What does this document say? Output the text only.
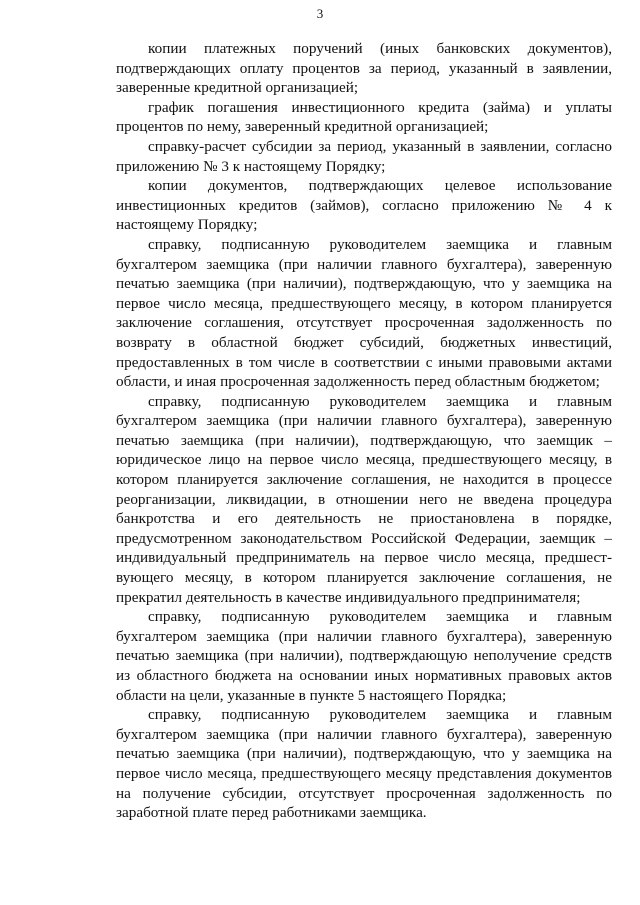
3

копии платежных поручений (иных банковских документов), подтверждающих оплату процентов за период, указанный в заявлении, заверенные кредитной организацией;

график погашения инвестиционного кредита (займа) и уплаты процентов по нему, заверенный кредитной организацией;

справку-расчет субсидии за период, указанный в заявлении, согласно приложению № 3 к настоящему Порядку;

копии документов, подтверждающих целевое использование инвестиционных кредитов (займов), согласно приложению № 4 к настоящему Порядку;

справку, подписанную руководителем заемщика и главным бухгалтером заемщика (при наличии главного бухгалтера), заверенную печатью заемщика (при наличии), подтверждающую, что у заемщика на первое число месяца, предшествующего месяцу, в котором планируется заключение соглашения, отсутствует просроченная задолженность по возврату в областной бюджет субсидий, бюджетных инвестиций, предоставленных в том числе в соответствии с иными правовыми актами области, и иная просроченная задолженность перед областным бюджетом;

справку, подписанную руководителем заемщика и главным бухгалтером заемщика (при наличии главного бухгалтера), заверенную печатью заемщика (при наличии), подтверждающую, что заемщик – юридическое лицо на первое число месяца, предшествующего месяцу, в котором планируется заключение соглашения, не находится в процессе реорганизации, ликвидации, в отношении него не введена процедура банкротства и его деятельность не приостановлена в порядке, предусмотренном законодательством Российской Федерации, заемщик – индивидуальный предприниматель на первое число месяца, предшествующего месяцу, в котором планируется заключение соглашения, не прекратил деятельность в качестве индивидуального предпринимателя;

справку, подписанную руководителем заемщика и главным бухгалтером заемщика (при наличии главного бухгалтера), заверенную печатью заемщика (при наличии), подтверждающую неполучение средств из областного бюджета на основании иных нормативных правовых актов области на цели, указанные в пункте 5 настоящего Порядка;

справку, подписанную руководителем заемщика и главным бухгалтером заемщика (при наличии главного бухгалтера), заверенную печатью заемщика (при наличии), подтверждающую, что у заемщика на первое число месяца, предшествующего месяцу представления документов на получение субсидии, отсутствует просроченная задолженность по заработной плате перед работниками заемщика.
